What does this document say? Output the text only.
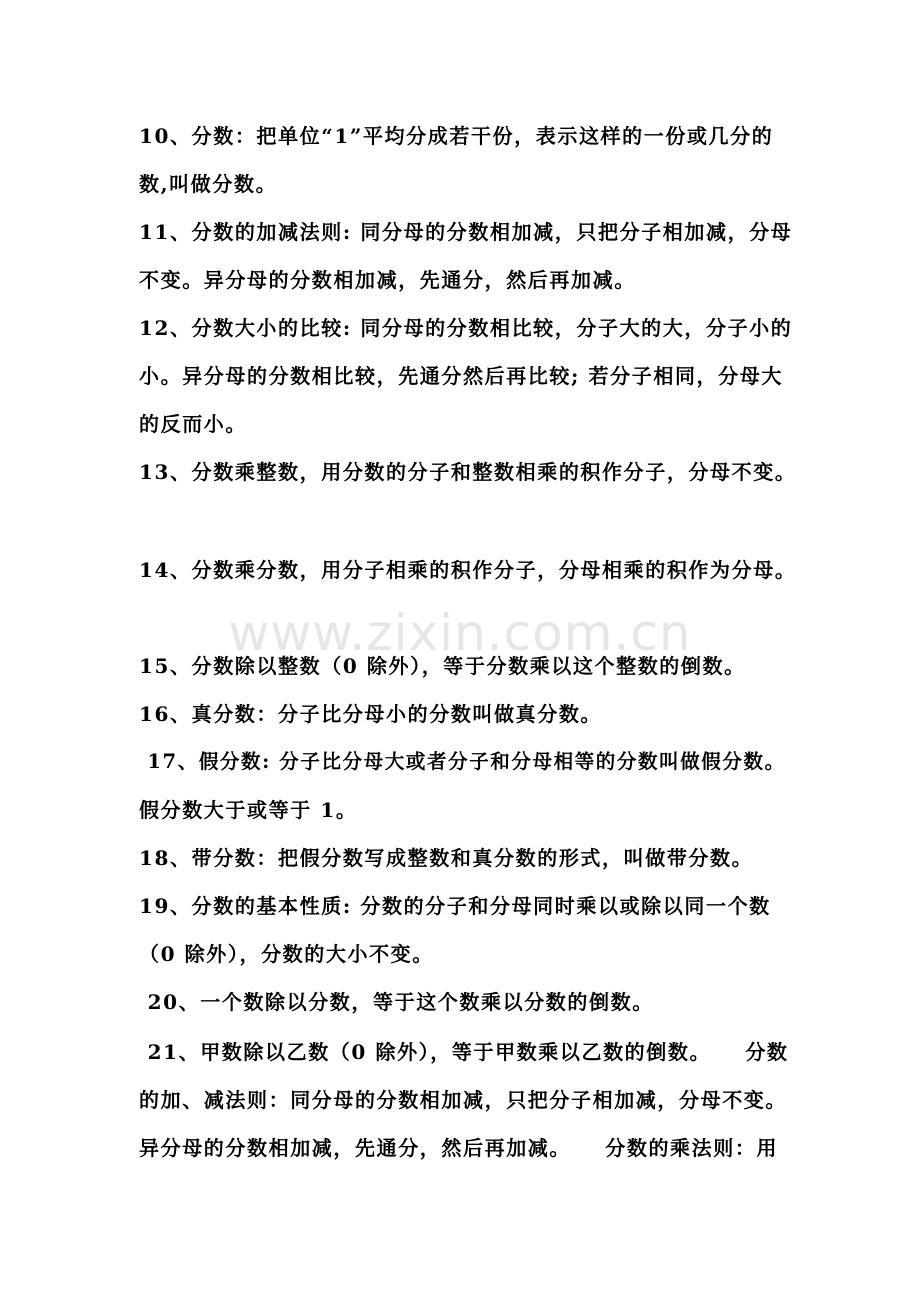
www.zixin.com.cn
10、分数：把单位“1”平均分成若干份，表示这样的一份或几分的
数,叫做分数。
11、分数的加减法则: 同分母的分数相加减，只把分子相加减，分母
不变。异分母的分数相加减，先通分，然后再加减。
12、分数大小的比较: 同分母的分数相比较，分子大的大，分子小的
小。异分母的分数相比较，先通分然后再比较; 若分子相同，分母大
的反而小。
13、分数乘整数，用分数的分子和整数相乘的积作分子，分母不变。
14、分数乘分数，用分子相乘的积作分子，分母相乘的积作为分母。
15、分数除以整数（0 除外），等于分数乘以这个整数的倒数。
16、真分数：分子比分母小的分数叫做真分数。
17、假分数: 分子比分母大或者分子和分母相等的分数叫做假分数。
假分数大于或等于 1。
18、带分数：把假分数写成整数和真分数的形式，叫做带分数。
19、分数的基本性质: 分数的分子和分母同时乘以或除以同一个数
（0 除外），分数的大小不变。
20、一个数除以分数，等于这个数乘以分数的倒数。
21、甲数除以乙数（0 除外），等于甲数乘以乙数的倒数。    分数
的加、减法则：同分母的分数相加减，只把分子相加减，分母不变。
异分母的分数相加减，先通分，然后再加减。    分数的乘法则：用
